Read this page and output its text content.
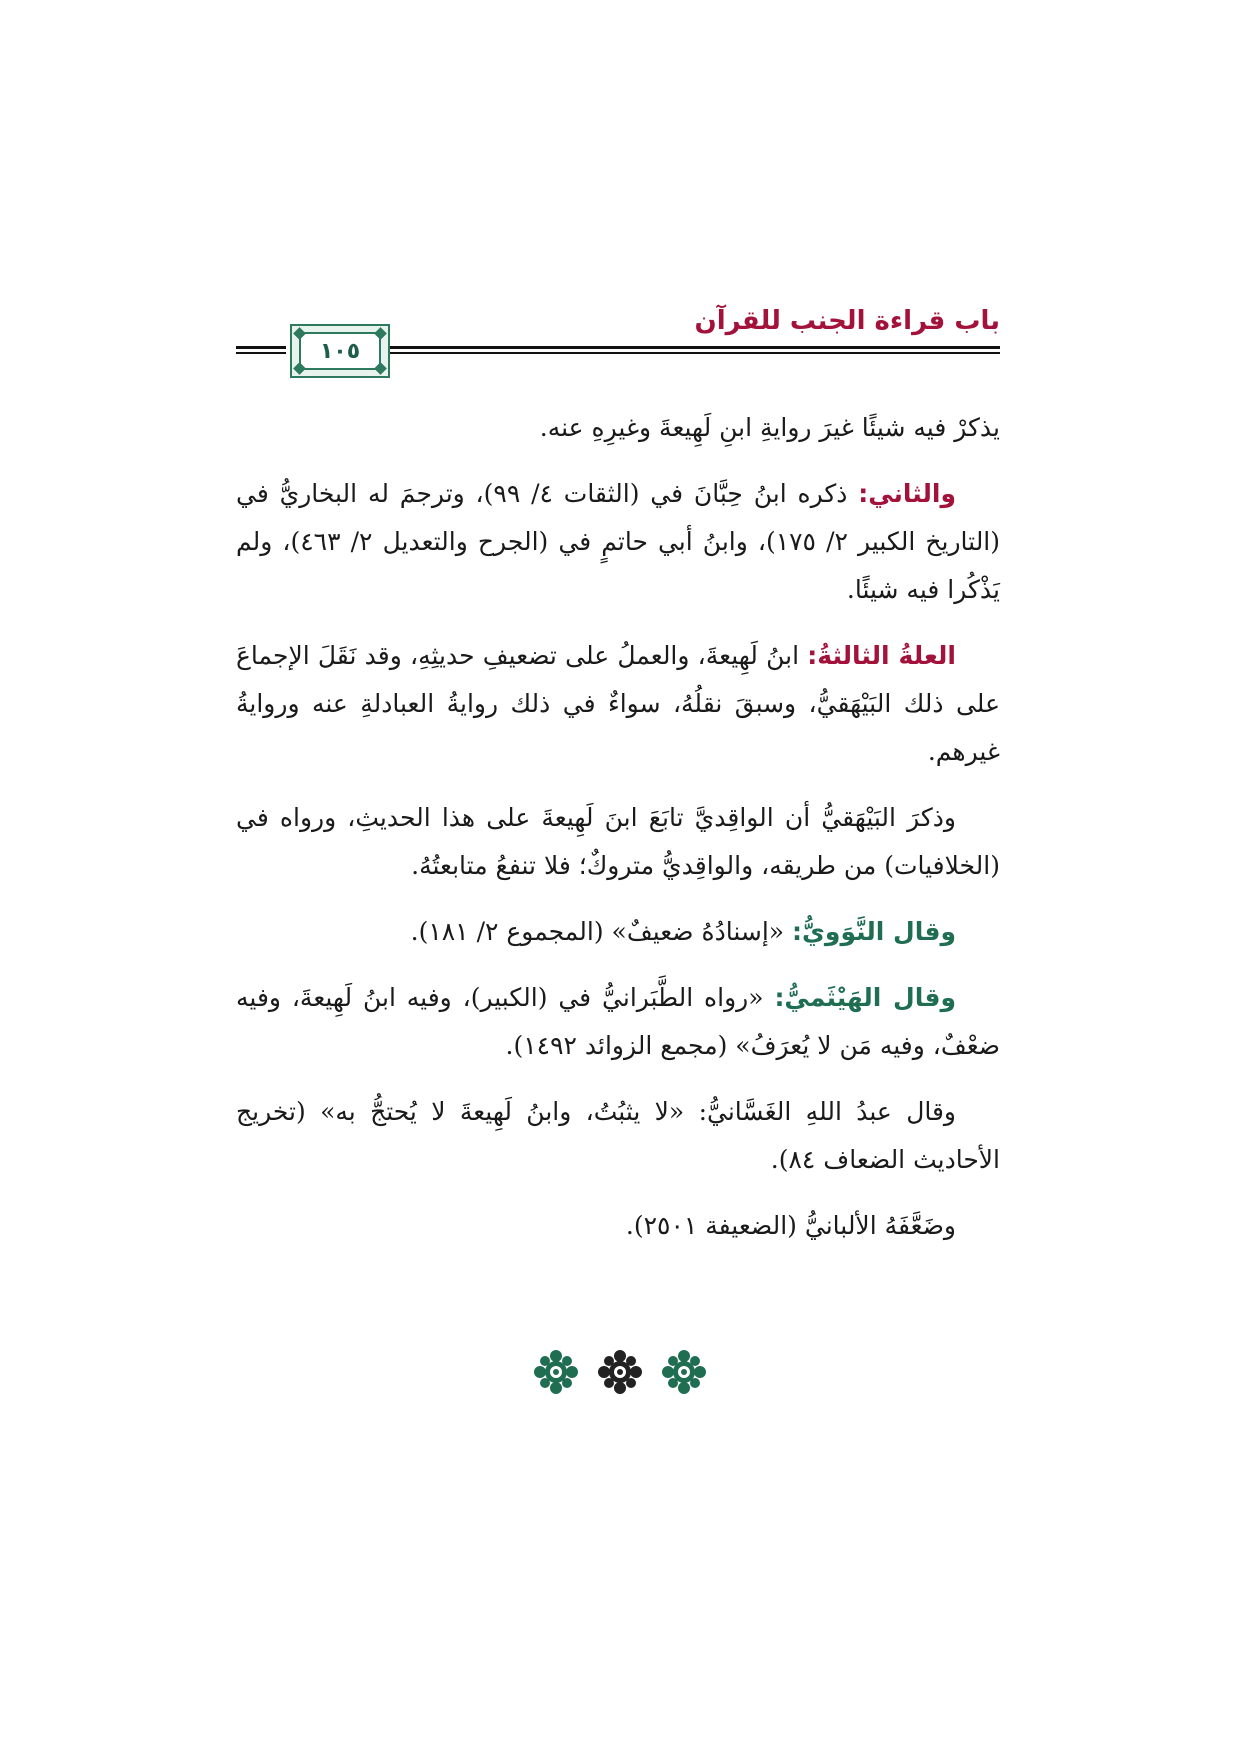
باب قراءة الجنب للقرآن
١٠٥

يذكرْ فيه شيئًا غيرَ روايةِ ابنِ لَهِيعةَ وغيرِهِ عنه.

والثاني: ذكره ابنُ حِبَّانَ في (الثقات ٤/ ٩٩)، وترجمَ له البخاريُّ في (التاريخ الكبير ٢/ ١٧٥)، وابنُ أبي حاتمٍ في (الجرح والتعديل ٢/ ٤٦٣)، ولم يَذْكُرا فيه شيئًا.

العلةُ الثالثةُ: ابنُ لَهِيعةَ، والعملُ على تضعيفِ حديثِهِ، وقد نَقَلَ الإجماعَ على ذلك البَيْهَقيُّ، وسبقَ نقلُهُ، سواءٌ في ذلك روايةُ العبادلةِ عنه وروايةُ غيرهم.

وذكرَ البَيْهَقيُّ أن الواقِديَّ تابَعَ ابنَ لَهِيعةَ على هذا الحديثِ، ورواه في (الخلافيات) من طريقه، والواقِديُّ متروكٌ؛ فلا تنفعُ متابعتُهُ.

وقال النَّوَويُّ: «إسنادُهُ ضعيفٌ» (المجموع ٢/ ١٨١).

وقال الهَيْثَميُّ: «رواه الطَّبَرانيُّ في (الكبير)، وفيه ابنُ لَهِيعةَ، وفيه ضعْفٌ، وفيه مَن لا يُعرَفُ» (مجمع الزوائد ١٤٩٢).

وقال عبدُ اللهِ الغَسَّانيُّ: «لا يثبُتُ، وابنُ لَهِيعةَ لا يُحتجُّ به» (تخريج الأحاديث الضعاف ٨٤).

وضَعَّفَهُ الألبانيُّ (الضعيفة ٢٥٠١).
